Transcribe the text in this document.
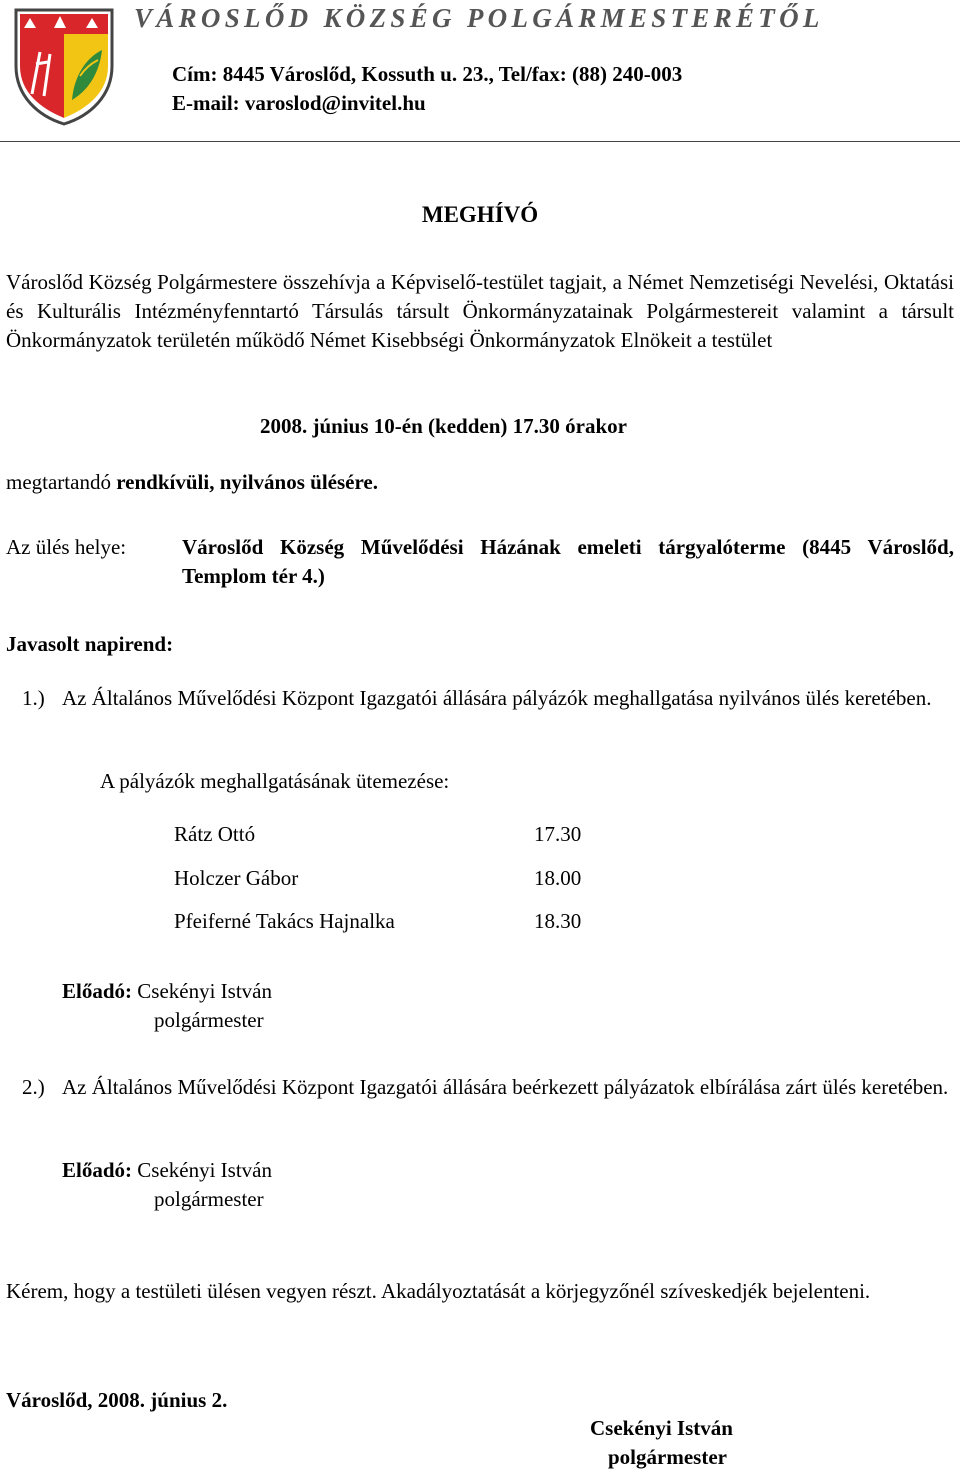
VÁROSLŐD KÖZSÉG POLGÁRMESTERÉTŐL
Cím: 8445 Városlőd, Kossuth u. 23., Tel/fax: (88) 240-003
E-mail: varoslod@invitel.hu
MEGHÍVÓ
Városlőd Község Polgármestere összehívja a Képviselő-testület tagjait, a Német Nemzetiségi Nevelési, Oktatási és Kulturális Intézményfenntartó Társulás társult Önkormányzatainak Polgármestereit valamint a társult Önkormányzatok területén működő Német Kisebbségi Önkormányzatok Elnökeit a testület
2008. június 10-én (kedden) 17.30 órakor
megtartandó rendkívüli, nyilvános ülésére.
Az ülés helye:	Városlőd Község Művelődési Házának emeleti tárgyalóterme (8445 Városlőd, Templom tér 4.)
Javasolt napirend:
1.) Az Általános Művelődési Központ Igazgatói állására pályázók meghallgatása nyilvános ülés keretében.
A pályázók meghallgatásának ütemezése:
Rátz Ottó	17.30
Holczer Gábor	18.00
Pfeiferné Takács Hajnalka	18.30
Előadó: Csekényi István
polgármester
2.) Az Általános Művelődési Központ Igazgatói állására beérkezett pályázatok elbírálása zárt ülés keretében.
Előadó: Csekényi István
polgármester
Kérem, hogy a testületi ülésen vegyen részt. Akadályoztatását a körjegyzőnél szíveskedjék bejelenteni.
Városlőd, 2008. június 2.
Csekényi István
polgármester
